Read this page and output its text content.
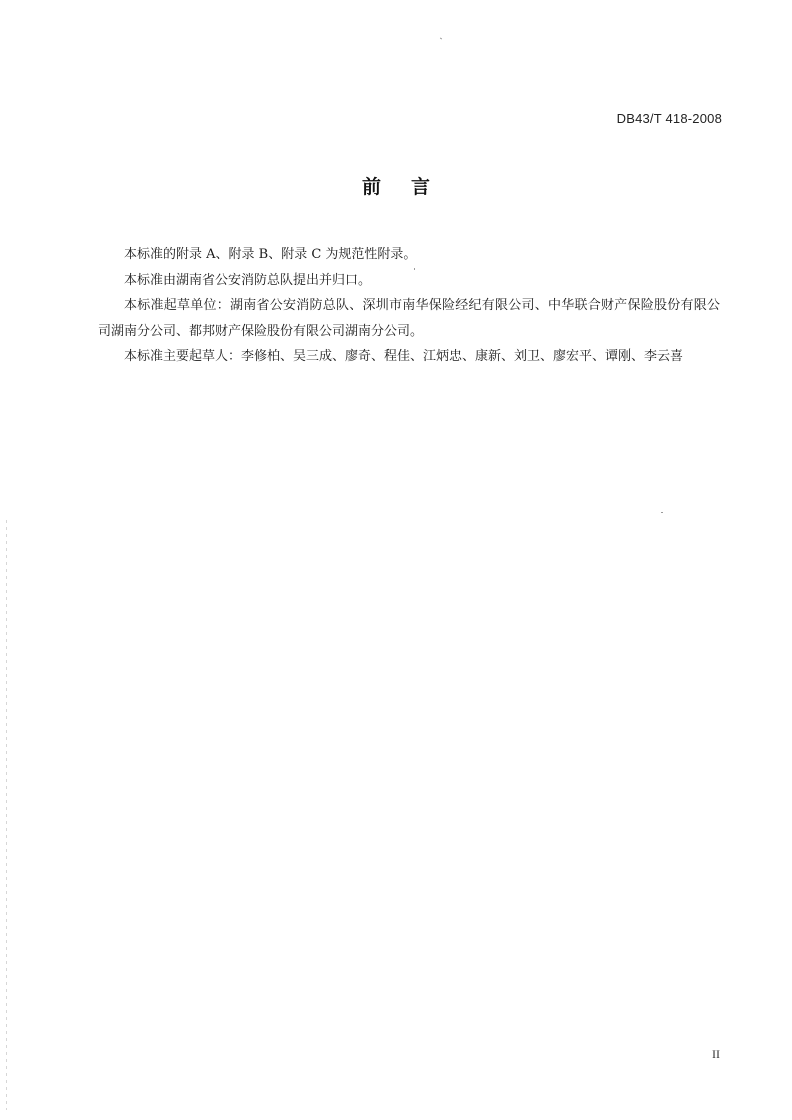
DB43/T 418-2008
前言

本标准的附录 A、附录 B、附录 C 为规范性附录。

本标准由湖南省公安消防总队提出并归口。

本标准起草单位：湖南省公安消防总队、深圳市南华保险经纪有限公司、中华联合财产保险股份有限公司湖南分公司、都邦财产保险股份有限公司湖南分公司。

本标准主要起草人：李修柏、吴三成、廖奇、程佳、江炳忠、康新、刘卫、廖宏平、谭刚、李云喜

II
